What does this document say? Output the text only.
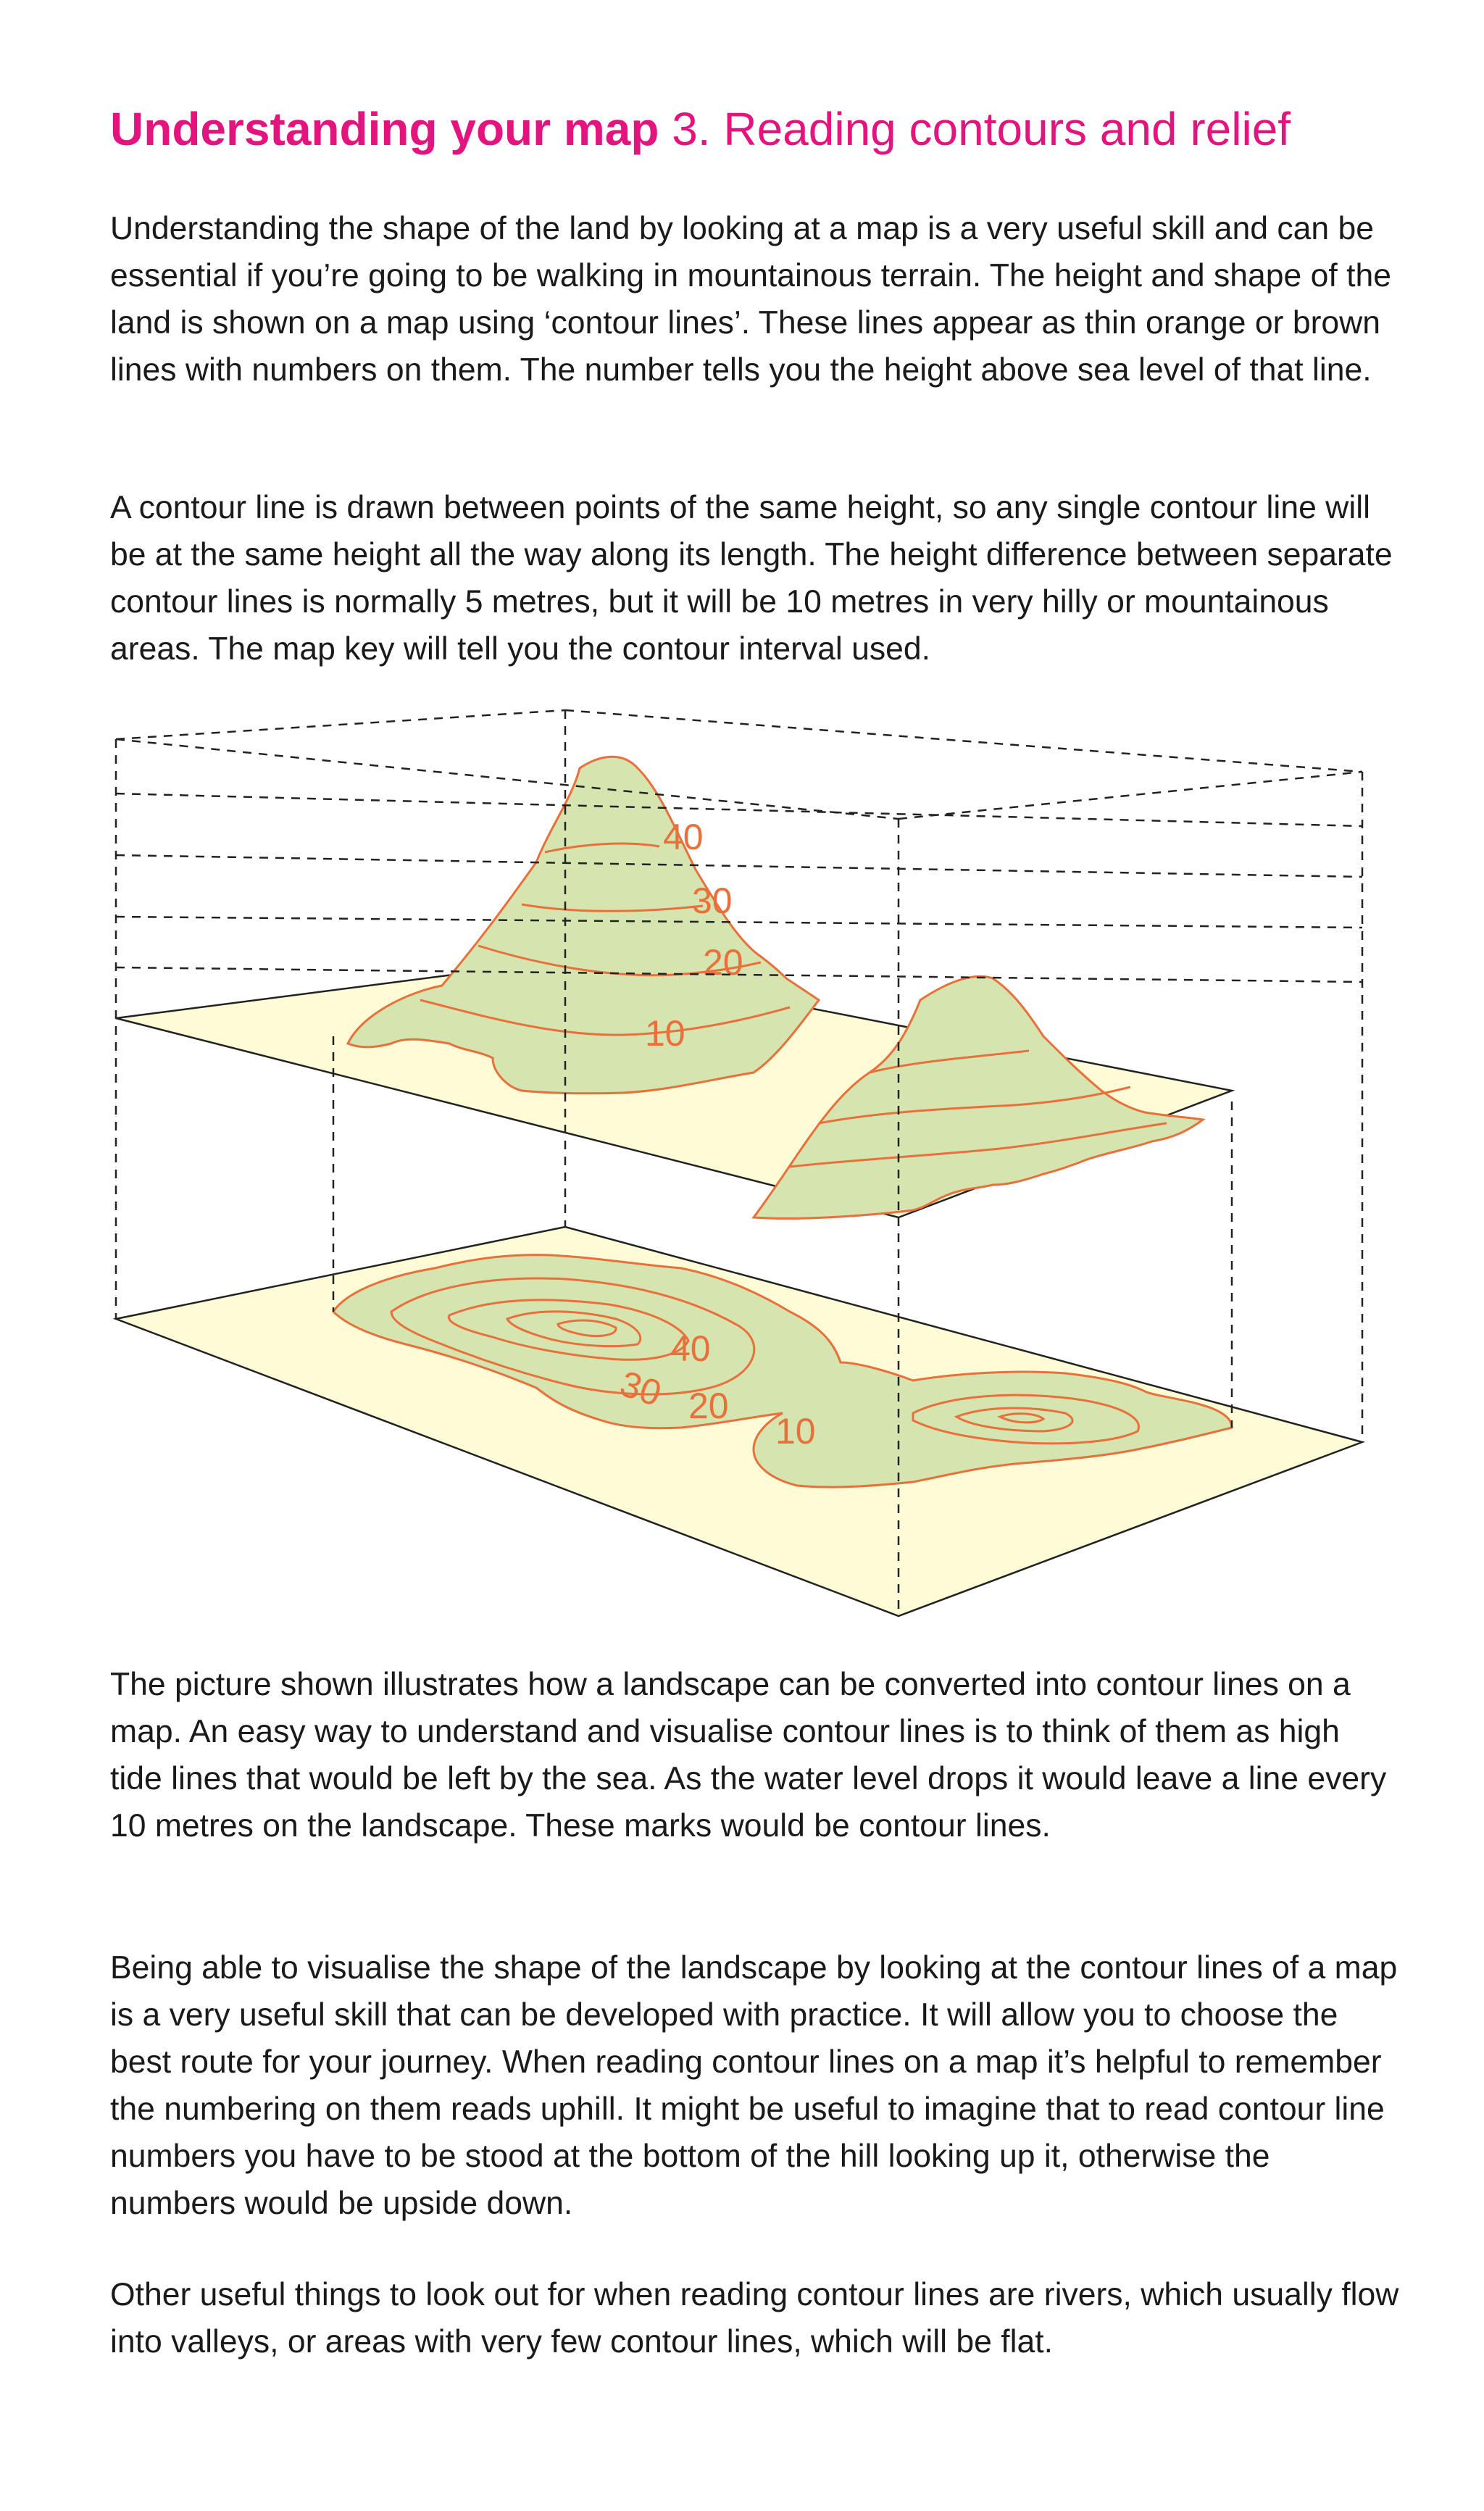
Understanding your map 3. Reading contours and relief

Understanding the shape of the land by looking at a map is a very useful skill and can be essential if you’re going to be walking in mountainous terrain. The height and shape of the land is shown on a map using ‘contour lines’. These lines appear as thin orange or brown lines with numbers on them. The number tells you the height above sea level of that line.

A contour line is drawn between points of the same height, so any single contour line will be at the same height all the way along its length. The height difference between separate contour lines is normally 5 metres, but it will be 10 metres in very hilly or mountainous areas. The map key will tell you the contour interval used.

40
30
20
10
40
30 20
10

The picture shown illustrates how a landscape can be converted into contour lines on a map. An easy way to understand and visualise contour lines is to think of them as high tide lines that would be left by the sea. As the water level drops it would leave a line every 10 metres on the landscape. These marks would be contour lines.

Being able to visualise the shape of the landscape by looking at the contour lines of a map is a very useful skill that can be developed with practice. It will allow you to choose the best route for your journey. When reading contour lines on a map it’s helpful to remember the numbering on them reads uphill. It might be useful to imagine that to read contour line numbers you have to be stood at the bottom of the hill looking up it, otherwise the numbers would be upside down.

Other useful things to look out for when reading contour lines are rivers, which usually flow into valleys, or areas with very few contour lines, which will be flat.
